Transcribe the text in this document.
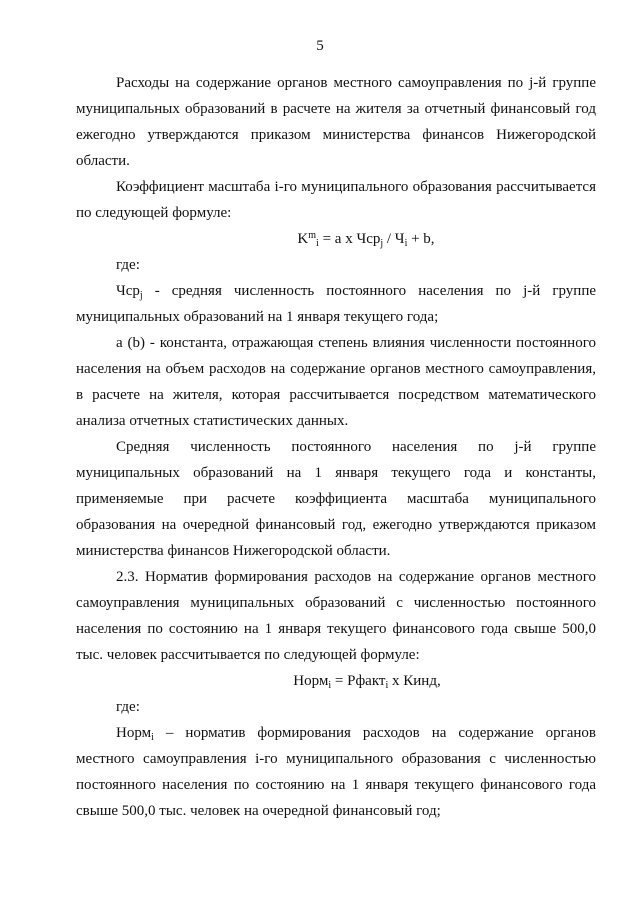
5

Расходы на содержание органов местного самоуправления по j-й группе муниципальных образований в расчете на жителя за отчетный финансовый год ежегодно утверждаются приказом министерства финансов Нижегородской области.

Коэффициент масштаба i-го муниципального образования рассчитывается по следующей формуле:

$K^m_i = a$ x $Чср_j / Ч_i + b$,

где:

Чср$_j$ - средняя численность постоянного населения по j-й группе муниципальных образований на 1 января текущего года;

a (b) - константа, отражающая степень влияния численности постоянного населения на объем расходов на содержание органов местного самоуправления, в расчете на жителя, которая рассчитывается посредством математического анализа отчетных статистических данных.

Средняя численность постоянного населения по j-й группе муниципальных образований на 1 января текущего года и константы, применяемые при расчете коэффициента масштаба муниципального образования на очередной финансовый год, ежегодно утверждаются приказом министерства финансов Нижегородской области.

2.3. Норматив формирования расходов на содержание органов местного самоуправления муниципальных образований с численностью постоянного населения по состоянию на 1 января текущего финансового года свыше 500,0 тыс. человек рассчитывается по следующей формуле:

Норм$_i$ = Рфакт$_i$ x Кинд,

где:

Норм$_i$ – норматив формирования расходов на содержание органов местного самоуправления i-го муниципального образования с численностью постоянного населения по состоянию на 1 января текущего финансового года свыше 500,0 тыс. человек на очередной финансовый год;
